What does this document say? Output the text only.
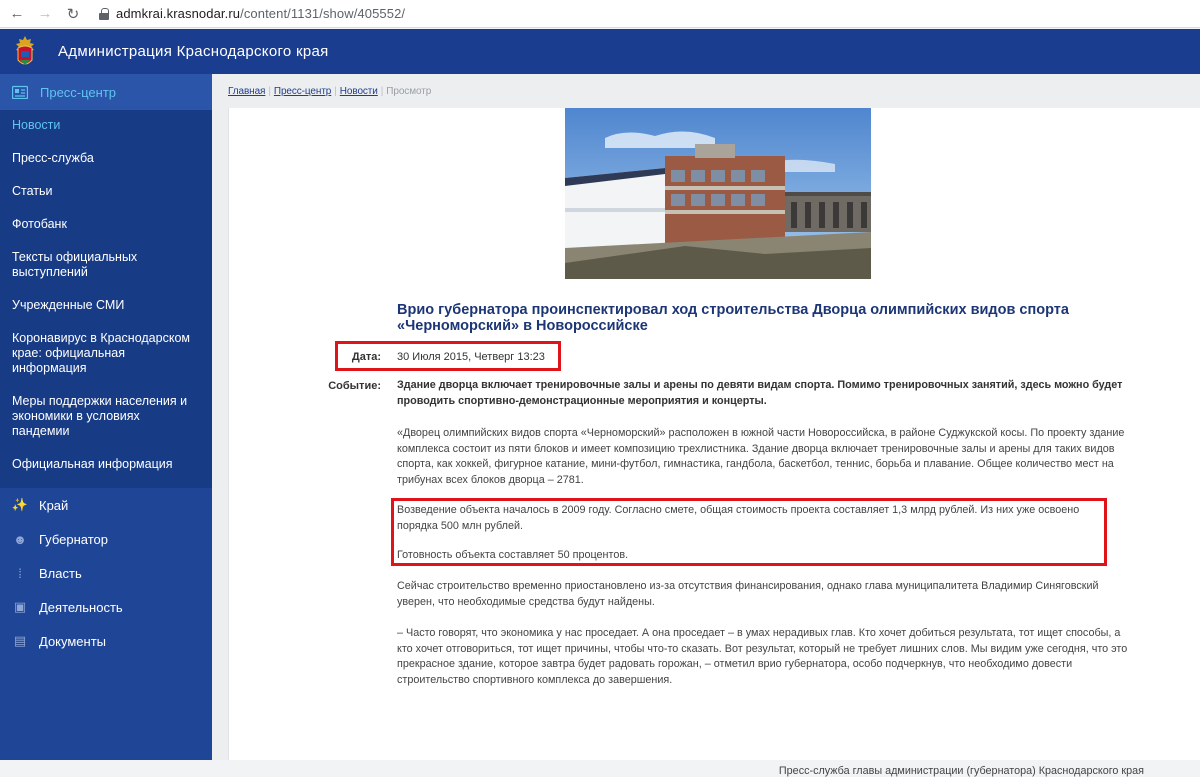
← → ↻	admkrai.krasnodar.ru/content/1131/show/405552/
Администрация Краснодарского края
Пресс-центр
Новости
Пресс-служба
Статьи
Фотобанк
Тексты официальных выступлений
Учрежденные СМИ
Коронавирус в Краснодарском крае: официальная информация
Меры поддержки населения и экономики в условиях пандемии
Официальная информация
✨ Край
☻ Губернатор
⁞	Власть
▣ Деятельность
▤ Документы
Главная | Пресс-центр | Новости | Просмотр
Врио губернатора проинспектировал ход строительства Дворца олимпийских видов спорта «Черноморский» в Новороссийске
Дата: 30 Июля 2015, Четверг 13:23
Событие: Здание дворца включает тренировочные залы и арены по девяти видам спорта. Помимо тренировочных занятий, здесь можно будет проводить спортивно-демонстрационные мероприятия и концерты.
«Дворец олимпийских видов спорта «Черноморский» расположен в южной части Новороссийска, в районе Суджукской косы. По проекту здание комплекса состоит из пяти блоков и имеет композицию трехлистника. Здание дворца включает тренировочные залы и арены для таких видов спорта, как хоккей, фигурное катание, мини-футбол, гимнастика, гандбола, баскетбол, теннис, борьба и плавание. Общее количество мест на трибунах всех блоков дворца – 2781.
Возведение объекта началось в 2009 году. Согласно смете, общая стоимость проекта составляет 1,3 млрд рублей. Из них уже освоено порядка 500 млн рублей.
Готовность объекта составляет 50 процентов.
Сейчас строительство временно приостановлено из-за отсутствия финансирования, однако глава муниципалитета Владимир Синяговский уверен, что необходимые средства будут найдены.
– Часто говорят, что экономика у нас проседает. А она проседает – в умах нерадивых глав. Кто хочет добиться результата, тот ищет способы, а кто хочет отговориться, тот ищет причины, чтобы что-то сказать. Вот результат, который не требует лишних слов. Мы видим уже сегодня, что это прекрасное здание, которое завтра будет радовать горожан, – отметил врио губернатора, особо подчеркнув, что необходимо довести строительство спортивного комплекса до завершения.
Пресс-служба главы администрации (губернатора) Краснодарского края
